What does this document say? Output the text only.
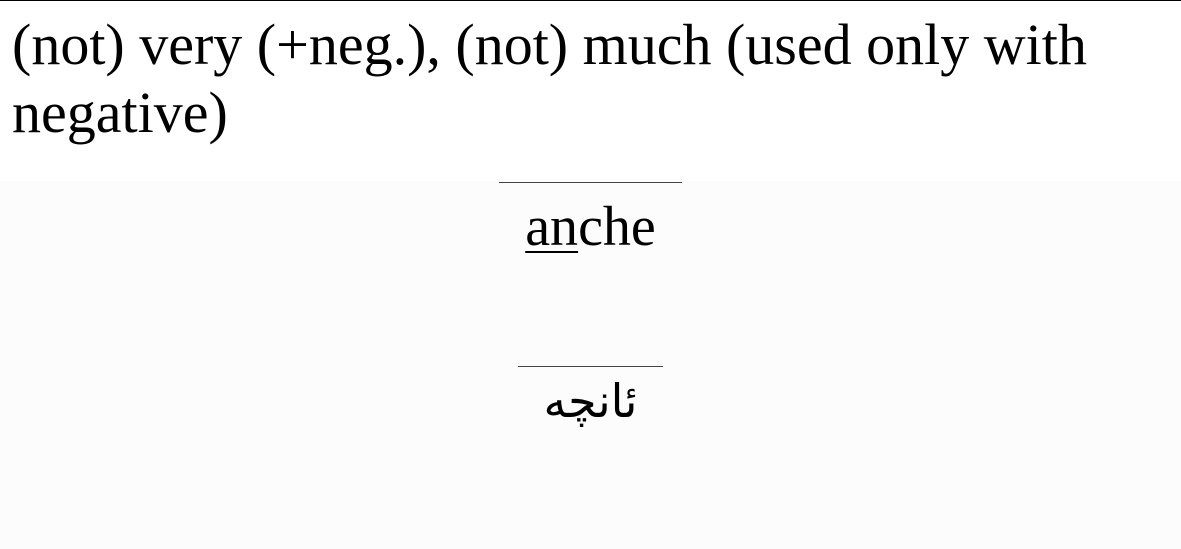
(not) very (+neg.), (not) much (used only with negative)

anche
ئانچه
